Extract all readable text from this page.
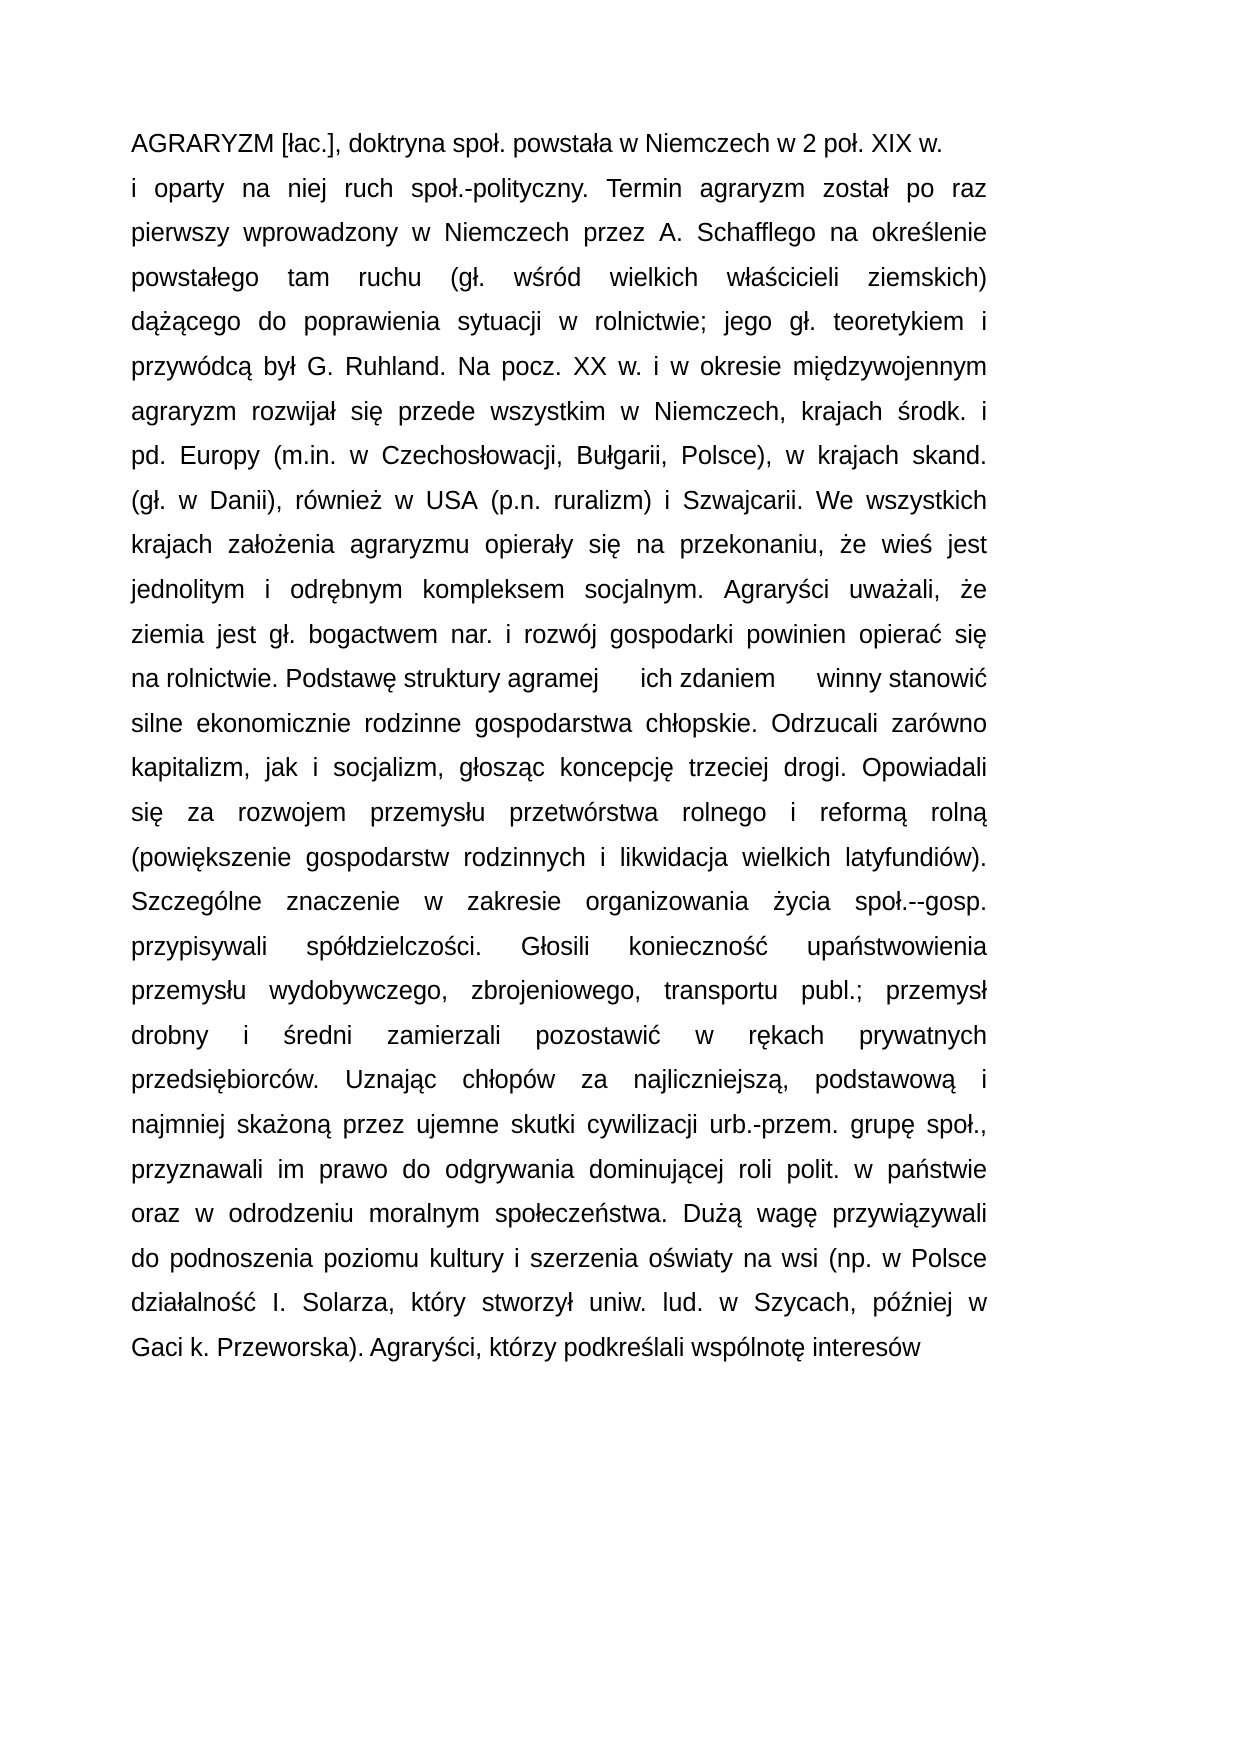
AGRARYZM [łac.], doktryna społ. powstała w Niemczech w 2 poł. XIX w.
i oparty na niej ruch społ.-polityczny. Termin agraryzm został po raz
pierwszy wprowadzony w Niemczech przez A. Schafflego na określenie
powstałego tam ruchu (gł. wśród wielkich właścicieli ziemskich)
dążącego do poprawienia sytuacji w rolnictwie; jego gł. teoretykiem i
przywódcą był G. Ruhland. Na pocz. XX w. i w okresie międzywojennym
agraryzm rozwijał się przede wszystkim w Niemczech, krajach środk. i
pd. Europy (m.in. w Czechosłowacji, Bułgarii, Polsce), w krajach skand.
(gł. w Danii), również w USA (p.n. ruralizm) i Szwajcarii. We wszystkich
krajach założenia agraryzmu opierały się na przekonaniu, że wieś jest
jednolitym i odrębnym kompleksem socjalnym. Agraryści uważali, że
ziemia jest gł. bogactwem nar. i rozwój gospodarki powinien opierać się
na rolnictwie. Podstawę struktury agramej ich zdaniem winny stanowić
silne ekonomicznie rodzinne gospodarstwa chłopskie. Odrzucali zarówno
kapitalizm, jak i socjalizm, głosząc koncepcję trzeciej drogi. Opowiadali
się za rozwojem przemysłu przetwórstwa rolnego i reformą rolną
(powiększenie gospodarstw rodzinnych i likwidacja wielkich latyfundiów).
Szczególne znaczenie w zakresie organizowania życia społ.--gosp.
przypisywali spółdzielczości. Głosili konieczność upaństwowienia
przemysłu wydobywczego, zbrojeniowego, transportu publ.; przemysł
drobny i średni zamierzali pozostawić w rękach prywatnych
przedsiębiorców. Uznając chłopów za najliczniejszą, podstawową i
najmniej skażoną przez ujemne skutki cywilizacji urb.-przem. grupę społ.,
przyznawali im prawo do odgrywania dominującej roli polit. w państwie
oraz w odrodzeniu moralnym społeczeństwa. Dużą wagę przywiązywali
do podnoszenia poziomu kultury i szerzenia oświaty na wsi (np. w Polsce
działalność I. Solarza, który stworzył uniw. lud. w Szycach, później w
Gaci k. Przeworska). Agraryści, którzy podkreślali wspólnotę interesów
